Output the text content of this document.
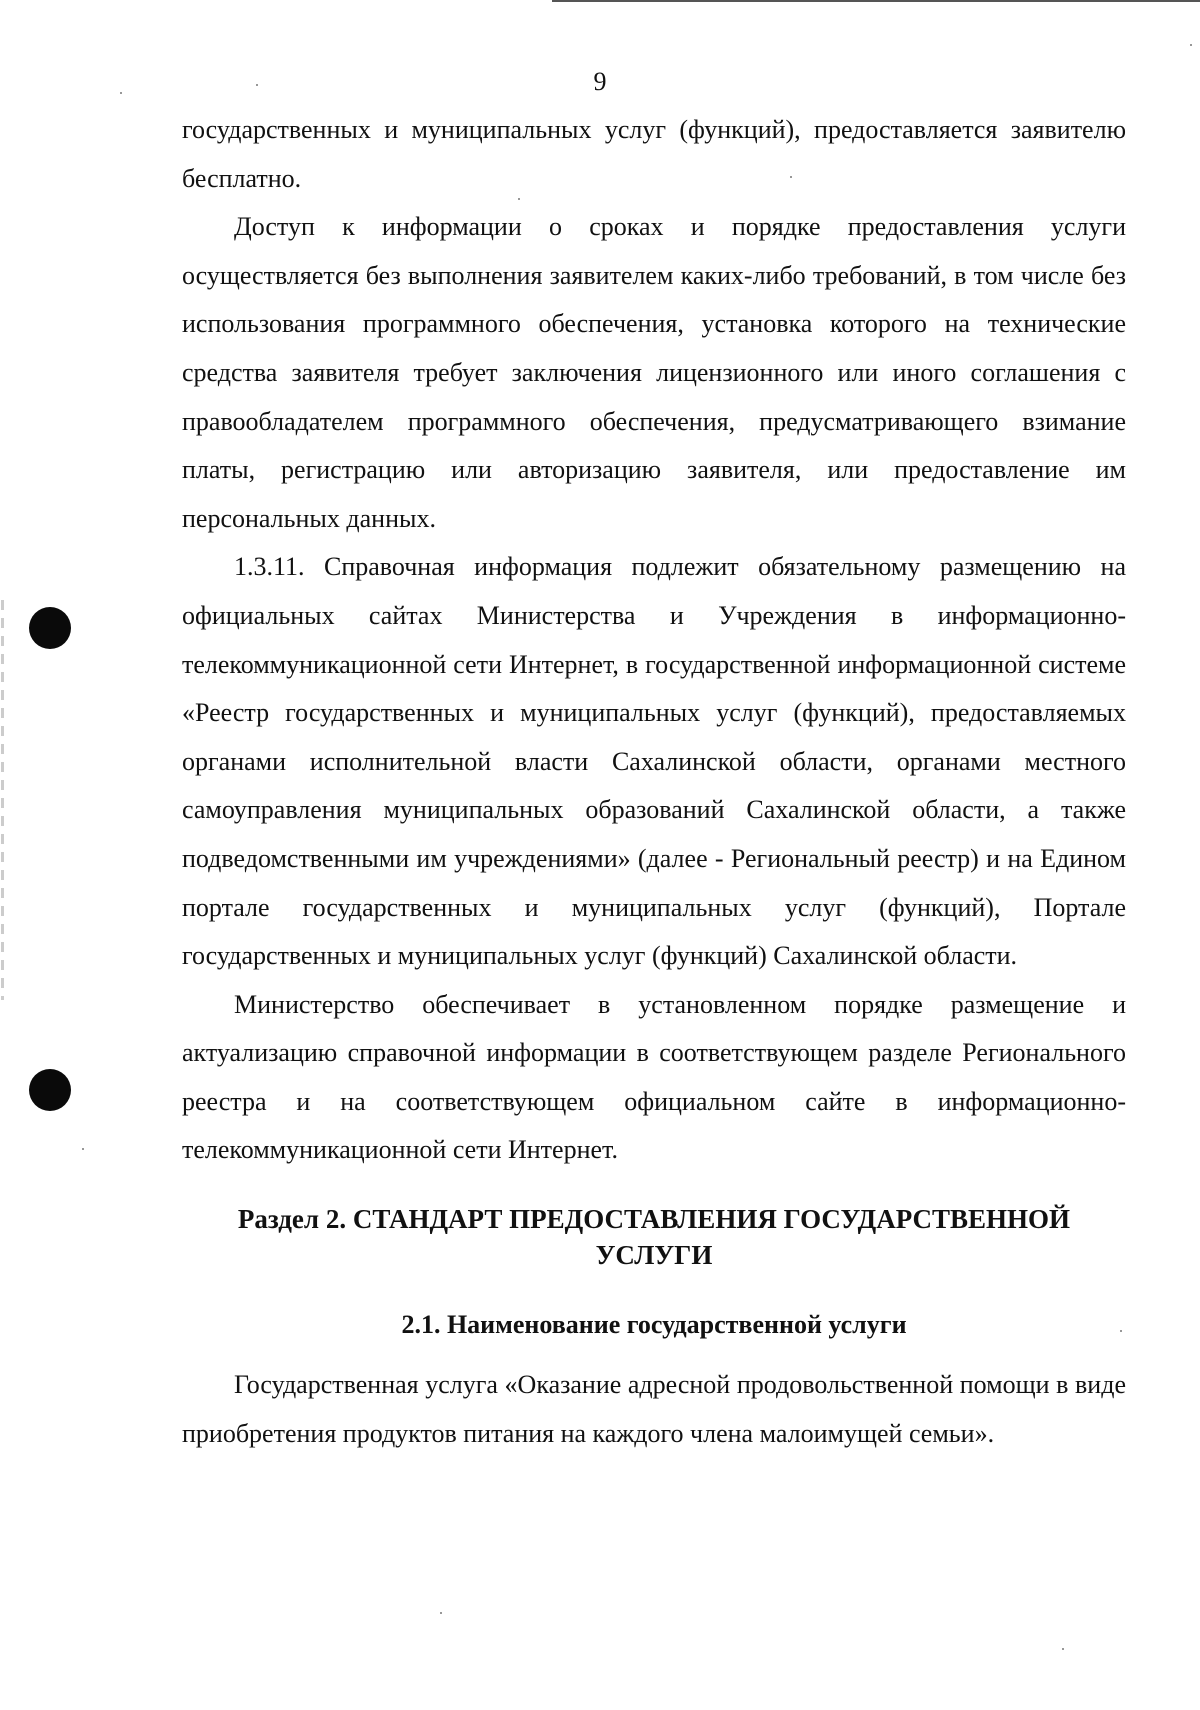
9

государственных и муниципальных услуг (функций), предоставляется заявителю бесплатно.

Доступ к информации о сроках и порядке предоставления услуги осуществляется без выполнения заявителем каких-либо требований, в том числе без использования программного обеспечения, установка которого на технические средства заявителя требует заключения лицензионного или иного соглашения с правообладателем программного обеспечения, предусматривающего взимание платы, регистрацию или авторизацию заявителя, или предоставление им персональных данных.

1.3.11. Справочная информация подлежит обязательному размещению на официальных сайтах Министерства и Учреждения в информационно-телекоммуникационной сети Интернет, в государственной информационной системе «Реестр государственных и муниципальных услуг (функций), предоставляемых органами исполнительной власти Сахалинской области, органами местного самоуправления муниципальных образований Сахалинской области, а также подведомственными им учреждениями» (далее - Региональный реестр) и на Едином портале государственных и муниципальных услуг (функций), Портале государственных и муниципальных услуг (функций) Сахалинской области.

Министерство обеспечивает в установленном порядке размещение и актуализацию справочной информации в соответствующем разделе Регионального реестра и на соответствующем официальном сайте в информационно-телекоммуникационной сети Интернет.

Раздел 2. СТАНДАРТ ПРЕДОСТАВЛЕНИЯ ГОСУДАРСТВЕННОЙ УСЛУГИ
2.1. Наименование государственной услуги

Государственная услуга «Оказание адресной продовольственной помощи в виде приобретения продуктов питания на каждого члена малоимущей семьи».
